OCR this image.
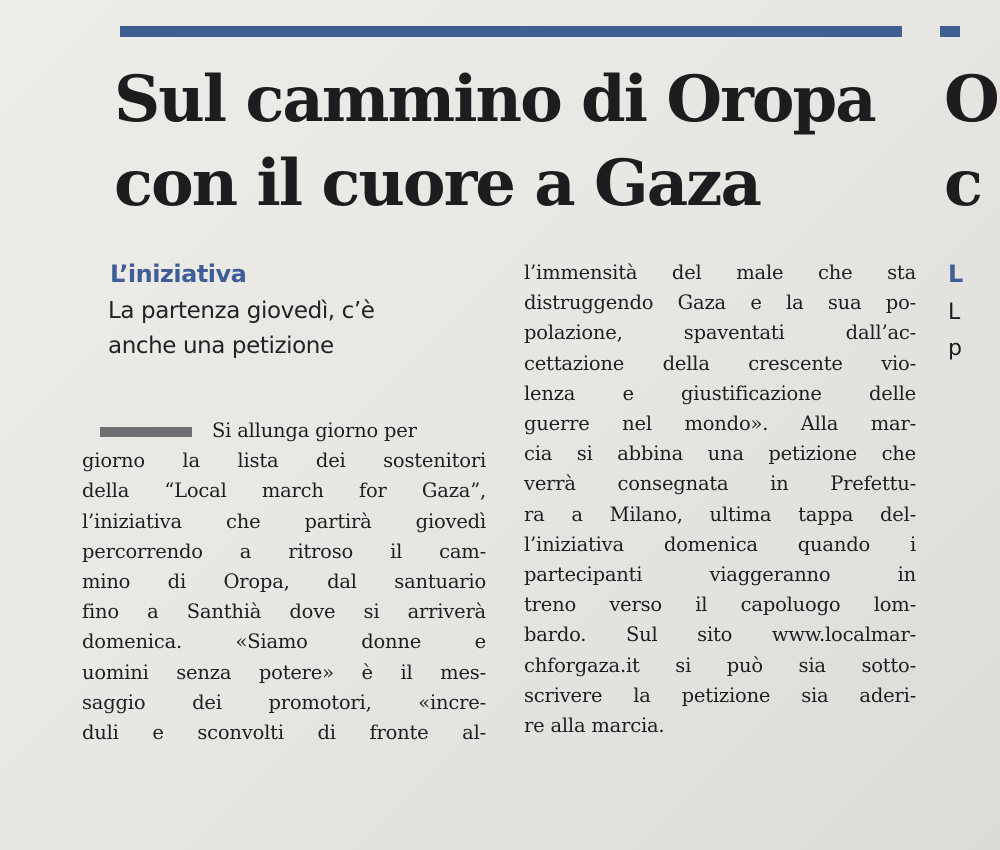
Sul cammino di Oropa
con il cuore a Gaza
L’iniziativa
La partenza giovedì, c’è
anche una petizione
Si allunga giorno per
giorno la lista dei sostenitori
della “Local march for Gaza”,
l’iniziativa che partirà giovedì
percorrendo a ritroso il cam-
mino di Oropa, dal santuario
fino a Santhià dove si arriverà
domenica. «Siamo donne e
uomini senza potere» è il mes-
saggio dei promotori, «incre-
duli e sconvolti di fronte al-
l’immensità del male che sta
distruggendo Gaza e la sua po-
polazione, spaventati dall’ac-
cettazione della crescente vio-
lenza e giustificazione delle
guerre nel mondo». Alla mar-
cia si abbina una petizione che
verrà consegnata in Prefettu-
ra a Milano, ultima tappa del-
l’iniziativa domenica quando i
partecipanti viaggeranno in
treno verso il capoluogo lom-
bardo. Sul sito www.localmar-
chforgaza.it si può sia sotto-
scrivere la petizione sia aderi-
re alla marcia.
O
c
L
L
p
